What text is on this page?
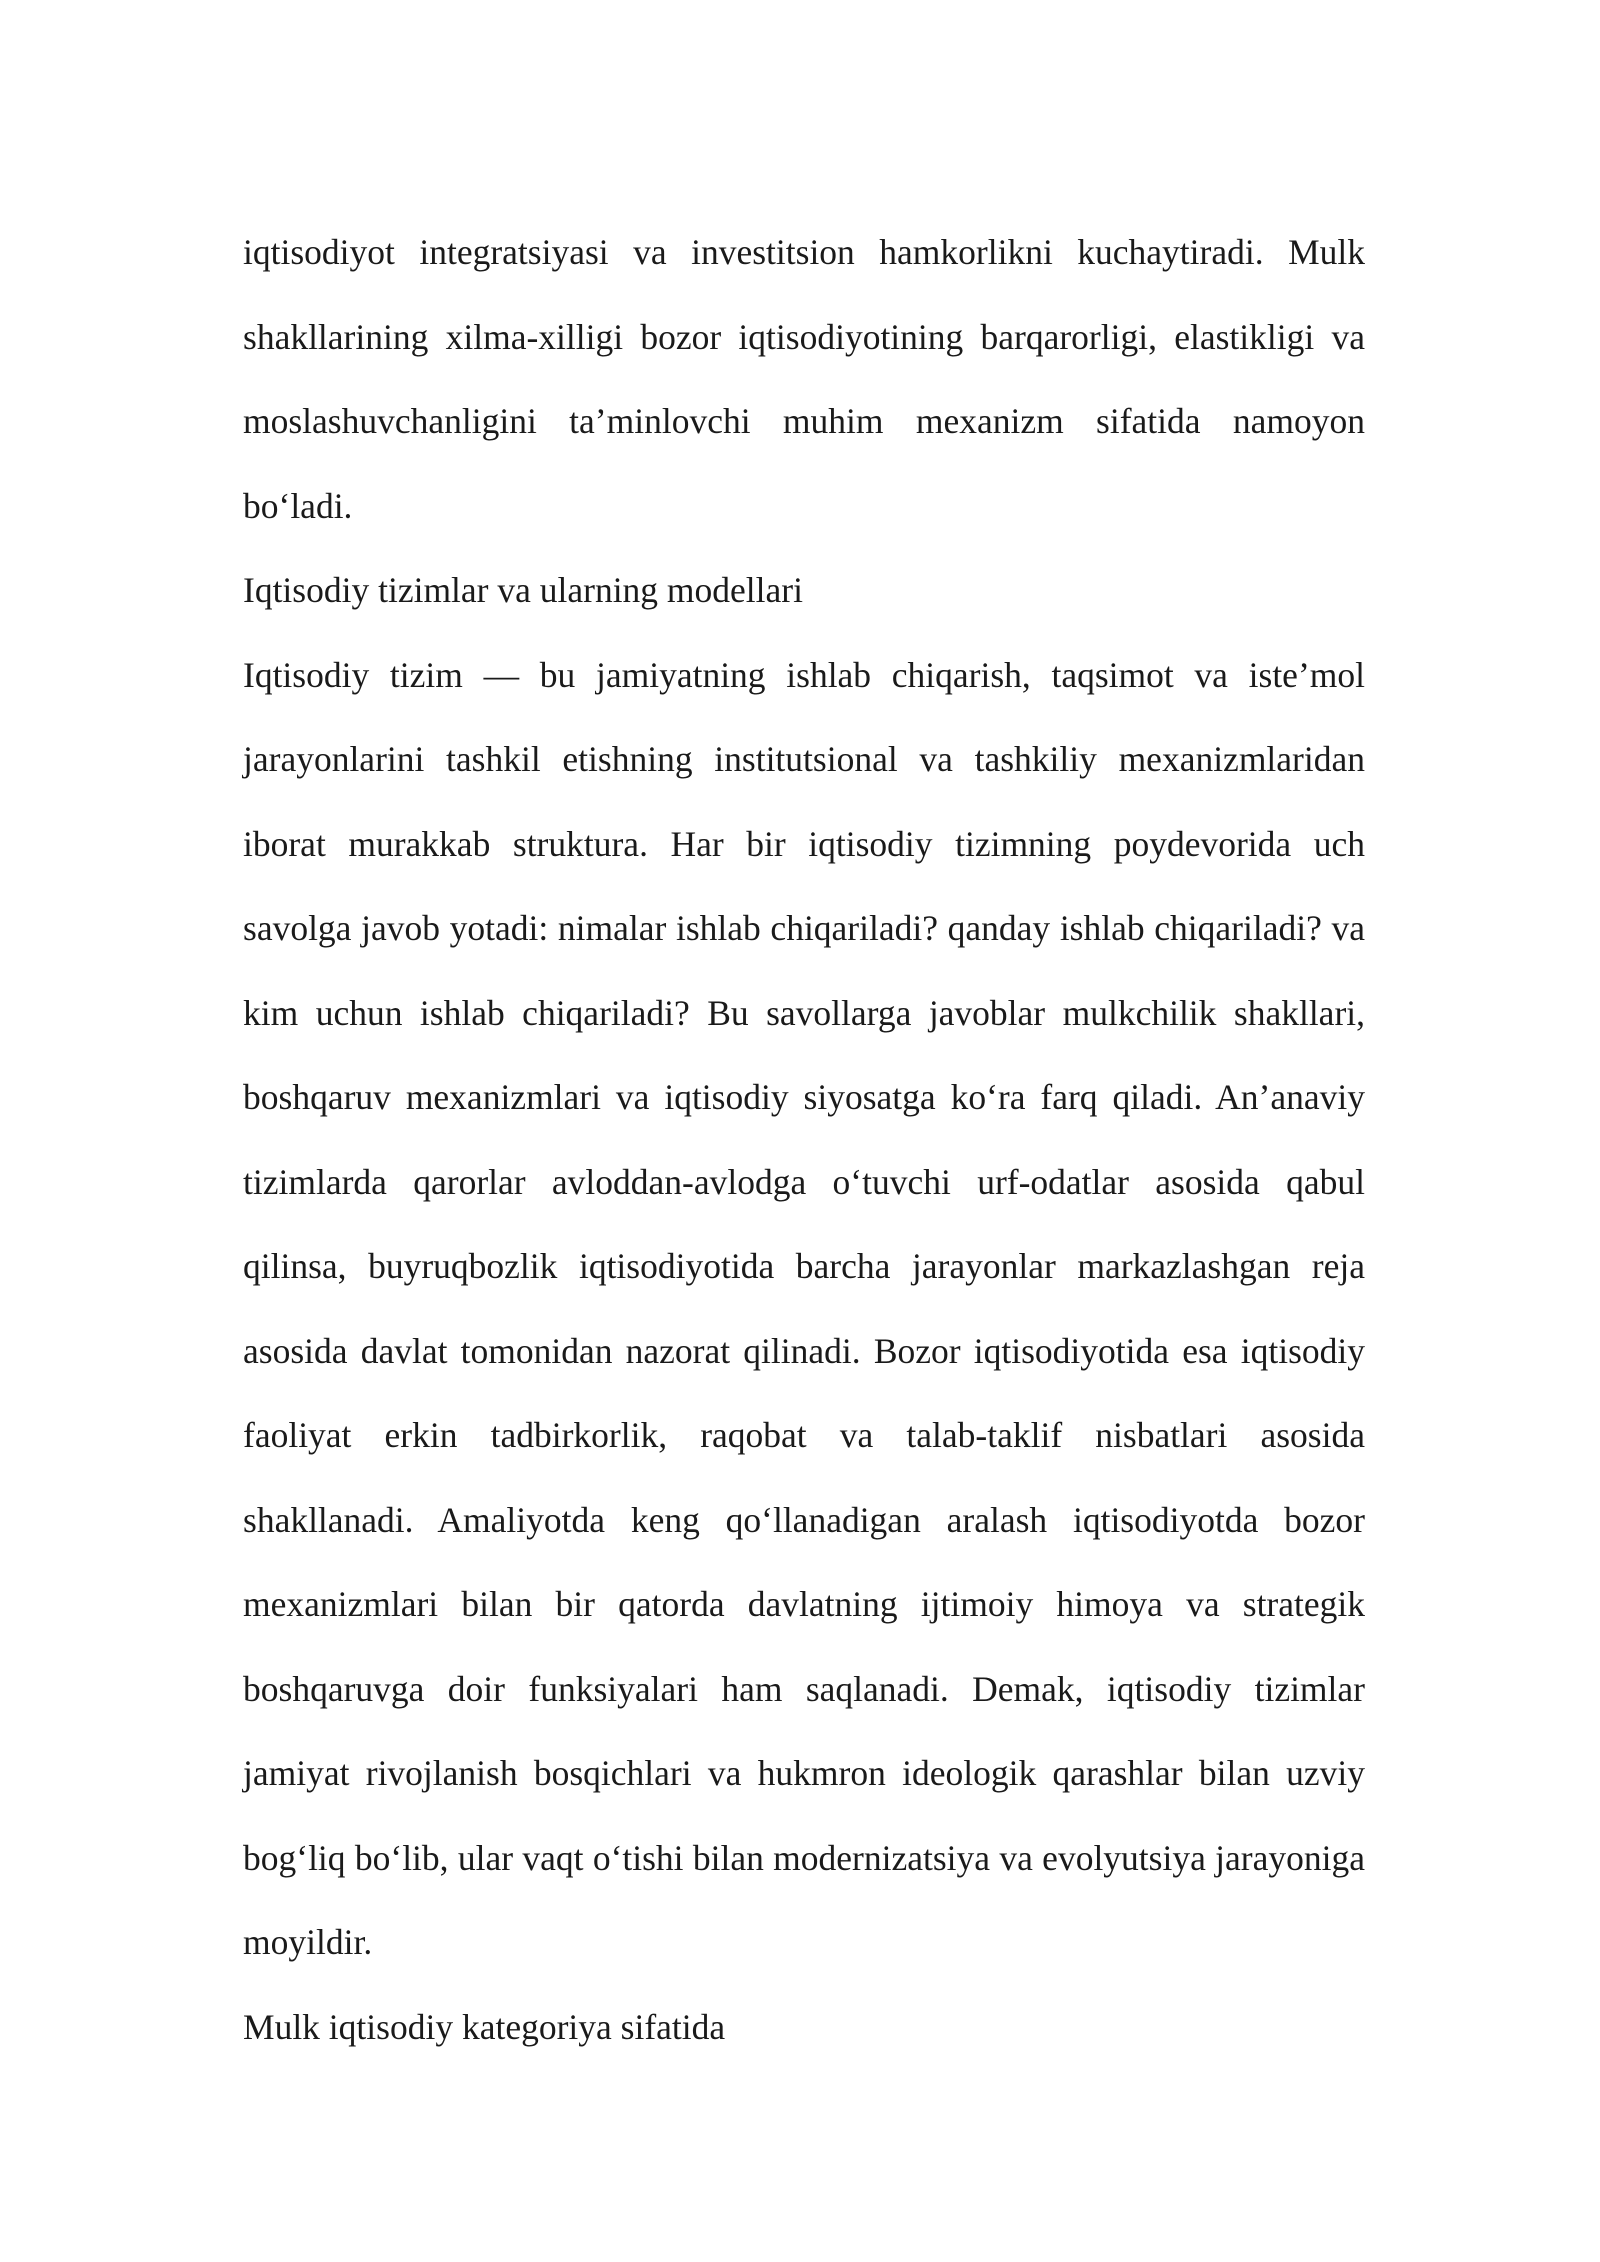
iqtisodiyot integratsiyasi va investitsion hamkorlikni kuchaytiradi. Mulk shakllarining xilma-xilligi bozor iqtisodiyotining barqarorligi, elastikligi va moslashuvchanligini ta’minlovchi muhim mexanizm sifatida namoyon bo‘ladi.

Iqtisodiy tizimlar va ularning modellari

Iqtisodiy tizim — bu jamiyatning ishlab chiqarish, taqsimot va iste’mol jarayonlarini tashkil etishning institutsional va tashkiliy mexanizmlaridan iborat murakkab struktura. Har bir iqtisodiy tizimning poydevorida uch savolga javob yotadi: nimalar ishlab chiqariladi? qanday ishlab chiqariladi? va kim uchun ishlab chiqariladi? Bu savollarga javoblar mulkchilik shakllari, boshqaruv mexanizmlari va iqtisodiy siyosatga ko‘ra farq qiladi. An’anaviy tizimlarda qarorlar avloddan-avlodga o‘tuvchi urf-odatlar asosida qabul qilinsa, buyruqbozlik iqtisodiyotida barcha jarayonlar markazlashgan reja asosida davlat tomonidan nazorat qilinadi. Bozor iqtisodiyotida esa iqtisodiy faoliyat erkin tadbirkorlik, raqobat va talab-taklif nisbatlari asosida shakllanadi. Amaliyotda keng qo‘llanadigan aralash iqtisodiyotda bozor mexanizmlari bilan bir qatorda davlatning ijtimoiy himoya va strategik boshqaruvga doir funksiyalari ham saqlanadi. Demak, iqtisodiy tizimlar jamiyat rivojlanish bosqichlari va hukmron ideologik qarashlar bilan uzviy bog‘liq bo‘lib, ular vaqt o‘tishi bilan modernizatsiya va evolyutsiya jarayoniga moyildir.

Mulk iqtisodiy kategoriya sifatida
